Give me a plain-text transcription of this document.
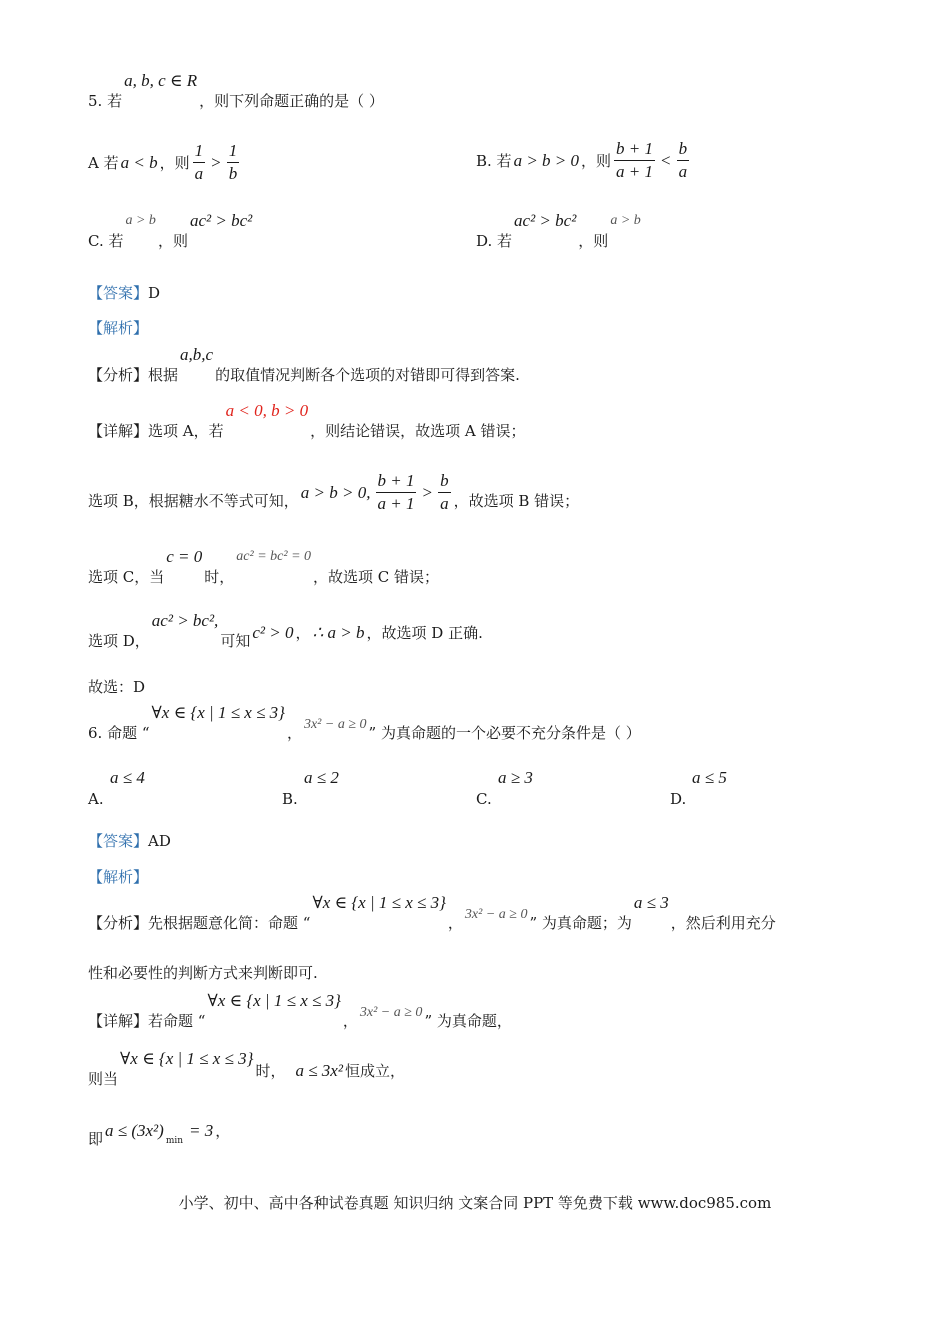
5. 若
a, b, c ∈ R
，则下列命题正确的是（ ）
A 若 a < b ，则 $\frac{1}{a} > \frac{1}{b}$	B. 若 a > b > 0 ，则 $\frac{b + 1}{a + 1} < \frac{b}{a}$
C. 若
a > b
，则
ac² > bc²
D. 若
ac² > bc²
，则
a > b
【答案】 D
【解析】
【分析】 根据
a,b,c
的取值情况判断各个选项的对错即可得到答案.
【详解】 选项 A，若
a < 0, b > 0
，则结论错误，故选项 A 错误；
选项 B，根据糖水不等式可知， a > b > 0, $\frac{b + 1}{a + 1} > \frac{b}{a}$ ，故选项 B 错误；
选项 C，当
c = 0
时，
ac² = bc² = 0
，故选项 C 错误；
选项 D，
ac² > bc²,
可知 c² > 0 ， ∴ a > b ，故选项 D 正确.
故选：D
6. 命题 “
∀x ∈ {x | 1 ≤ x ≤ 3}
， 3x² − a ≥ 0 ” 为真命题的一个必要不充分条件是（ ）
A.
a ≤ 4
B.
a ≤ 2
C.
a ≥ 3
D.
a ≤ 5
【答案】 AD
【解析】
【分析】 先根据题意化简：命题 “
∀x ∈ {x | 1 ≤ x ≤ 3}
， 3x² − a ≥ 0 ” 为真命题；为
a ≤ 3
，然后利用充分
性和必要性的判断方式来判断即可.
【详解】 若命题 “
∀x ∈ {x | 1 ≤ x ≤ 3}
， 3x² − a ≥ 0 ” 为真命题，
则当
∀x ∈ {x | 1 ≤ x ≤ 3}
时， a ≤ 3x² 恒成立，
即 a ≤ (3x²)
min
= 3 ，
小学、初中、高中各种试卷真题 知识归纳 文案合同 PPT 等免费下载 www.doc985.com
